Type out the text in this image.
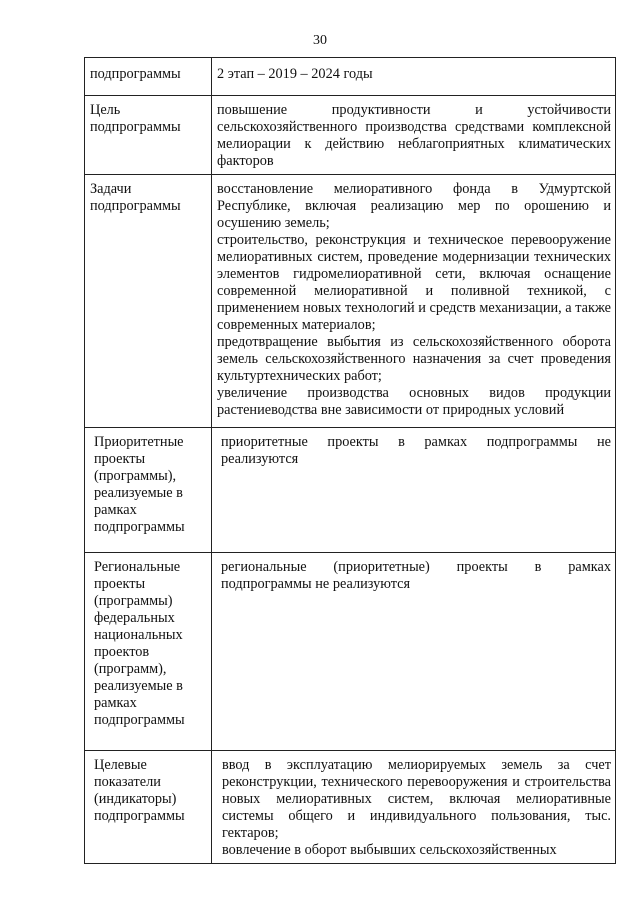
30
подпрограммы	2 этап – 2019 – 2024 годы

Цель подпрограммы	повышение продуктивности и устойчивости сельскохозяйственного производства средствами комплексной мелиорации к действию неблагоприятных климатических факторов

Задачи подпрограммы	восстановление мелиоративного фонда в Удмуртской Республике, включая реализацию мер по орошению и осушению земель;
строительство, реконструкция и техническое перевооружение мелиоративных систем, проведение модернизации технических элементов гидромелиоративной сети, включая оснащение современной мелиоративной и поливной техникой, с применением новых технологий и средств механизации, а также современных материалов;
предотвращение выбытия из сельскохозяйственного оборота земель сельскохозяйственного назначения за счет проведения культуртехнических работ;
увеличение производства основных видов продукции растениеводства вне зависимости от природных условий

Приоритетные проекты (программы), реализуемые в рамках подпрограммы	приоритетные проекты в рамках подпрограммы не реализуются

Региональные проекты (программы) федеральных национальных проектов (программ), реализуемые в рамках подпрограммы	региональные (приоритетные) проекты в рамках подпрограммы не реализуются

Целевые показатели (индикаторы) подпрограммы	ввод в эксплуатацию мелиорируемых земель за счет реконструкции, технического перевооружения и строительства новых мелиоративных систем, включая мелиоративные системы общего и индивидуального пользования, тыс. гектаров;
вовлечение в оборот выбывших сельскохозяйственных
